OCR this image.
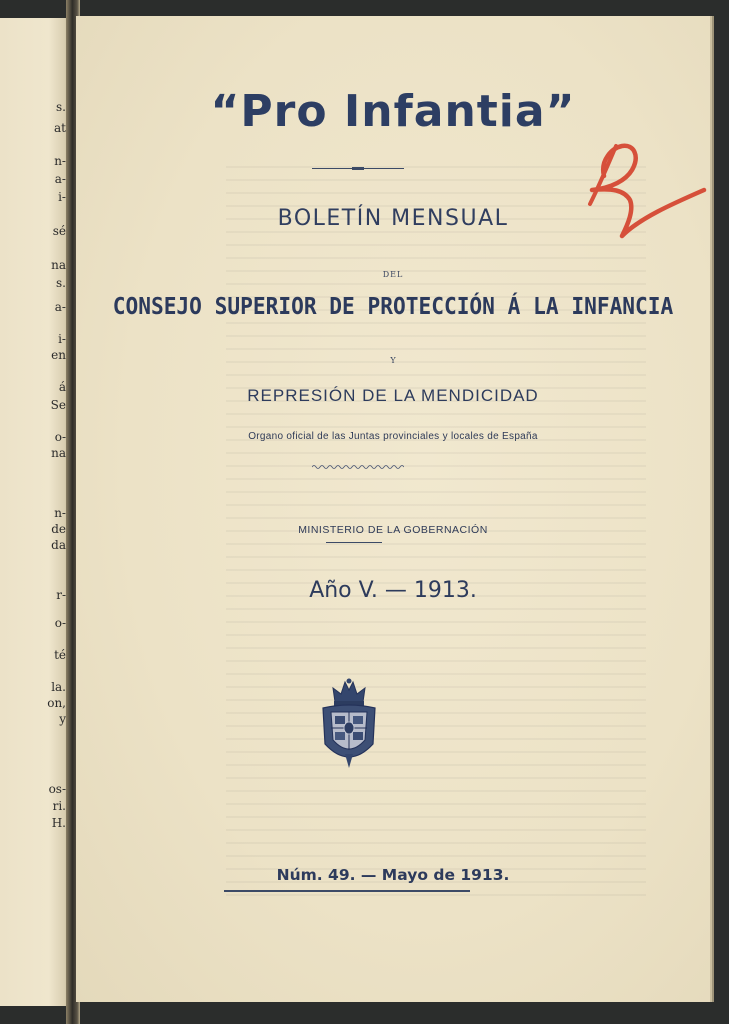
s.
at
n-
a-
i-
sé
na
s.
a-
i-
en
á
Se
o-
na
n-
de
da
r-
o-
té
la.
on,
y
os-
ri.
H.
“Pro Infantia”
BOLETÍN MENSUAL
DEL
CONSEJO SUPERIOR DE PROTECCIÓN Á LA INFANCIA
Y
REPRESIÓN DE LA MENDICIDAD
Organo oficial de las Juntas provinciales y locales de España
MINISTERIO DE LA GOBERNACIÓN
Año V. — 1913.
Núm. 49. — Mayo de 1913.
